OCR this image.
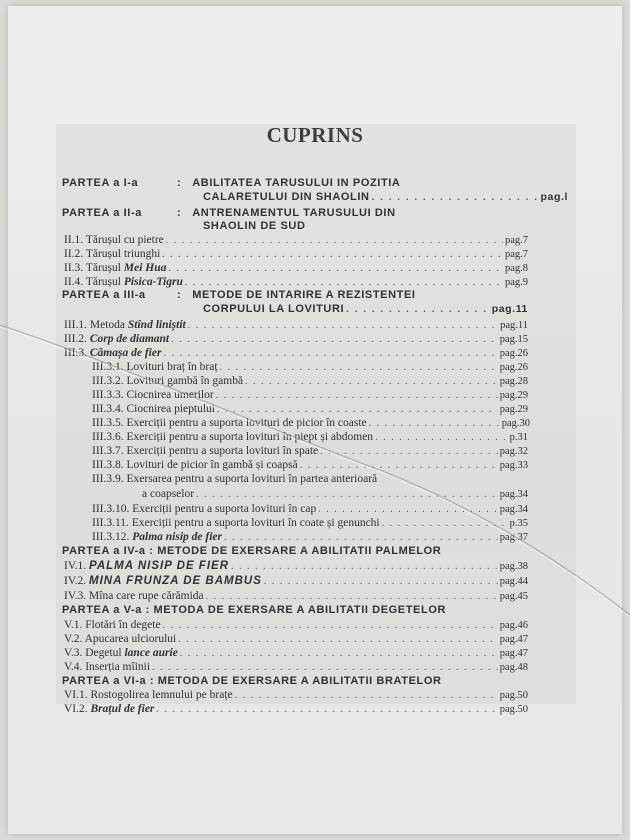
CUPRINS
PARTEA a I-a	:
ABILITATEA TARUSULUI IN POZITIA
CALARETULUI DIN SHAOLIN . . .	pag.l
PARTEA a II-a	:
ANTRENAMENTUL TARUSULUI DIN
SHAOLIN DE SUD
II.1. Tărușul cu pietre . . .	pag.7
II.2. Tărușul triunghi . . .	pag.7
II.3. Tărușul Mei Hua . . .	pag.8
II.4. Tărușul Pisica-Tigru . . .	pag.9
PARTEA a III-a	:
METODE DE INTARIRE A REZISTENTEI
CORPULUI LA LOVITURI . . .	pag.11
III.1. Metoda Stînd liniștit . . .	pag.11
III.2. Corp de diamant . . .	pag.15
III.3. Cămașa de fier . . .	pag.26
III.3.1. Lovituri braț în braț . . .	pag.26
III.3.2. Lovituri gambă în gambă . . .	pag.28
III.3.3. Ciocnirea umerilor . . .	pag.29
III.3.4. Ciocnirea pieptului . . .	pag.29
III.3.5. Exerciții pentru a suporta lovituri de picior în coaste . . .	pag.30
III.3.6. Exerciții pentru a suporta lovituri în piept și abdomen . . .	p.31
III.3.7. Exerciții pentru a suporta lovituri în spate . . .	pag.32
III.3.8. Lovituri de picior în gambă și coapsă . . .	pag.33
III.3.9. Exersarea pentru a suporta lovituri în partea anterioară
a coapselor . . .	pag.34
III.3.10. Exerciții pentru a suporta lovituri în cap . . .	pag.34
III.3.11. Exerciții pentru a suporta lovituri în coate și genunchi . . .	p.35
III.3.12. Palma nisip de fier . . .	pag.37
PARTEA a IV-a
:
METODE DE EXERSARE A ABILITATII PALMELOR
IV.1. PALMA NISIP DE FIER . . .	pag.38
IV.2. MINA FRUNZA DE BAMBUS . . .	pag.44
IV.3. Mîna care rupe cărămida . . .	pag.45
PARTEA a V-a
:
METODA DE EXERSARE A ABILITATII DEGETELOR
V.1. Flotări în degete . . .	pag.46
V.2. Apucarea ulciorului . . .	pag.47
V.3. Degetul lance aurie . . .	pag.47
V.4. Inserția mîinii . . .	pag.48
PARTEA a VI-a
:
METODA DE EXERSARE A ABILITATII BRATELOR
VI.1. Rostogolirea lemnului pe brațe . . .	pag.50
VI.2. Brațul de fier . . .	pag.50
